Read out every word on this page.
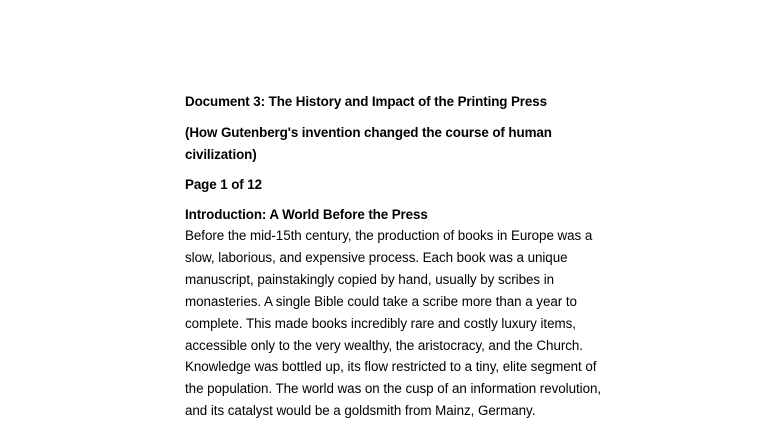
Document 3: The History and Impact of the Printing Press
(How Gutenberg's invention changed the course of human civilization)
Page 1 of 12
Introduction: A World Before the Press

Before the mid-15th century, the production of books in Europe was a slow, laborious, and expensive process. Each book was a unique manuscript, painstakingly copied by hand, usually by scribes in monasteries. A single Bible could take a scribe more than a year to complete. This made books incredibly rare and costly luxury items, accessible only to the very wealthy, the aristocracy, and the Church. Knowledge was bottled up, its flow restricted to a tiny, elite segment of the population. The world was on the cusp of an information revolution, and its catalyst would be a goldsmith from Mainz, Germany.
